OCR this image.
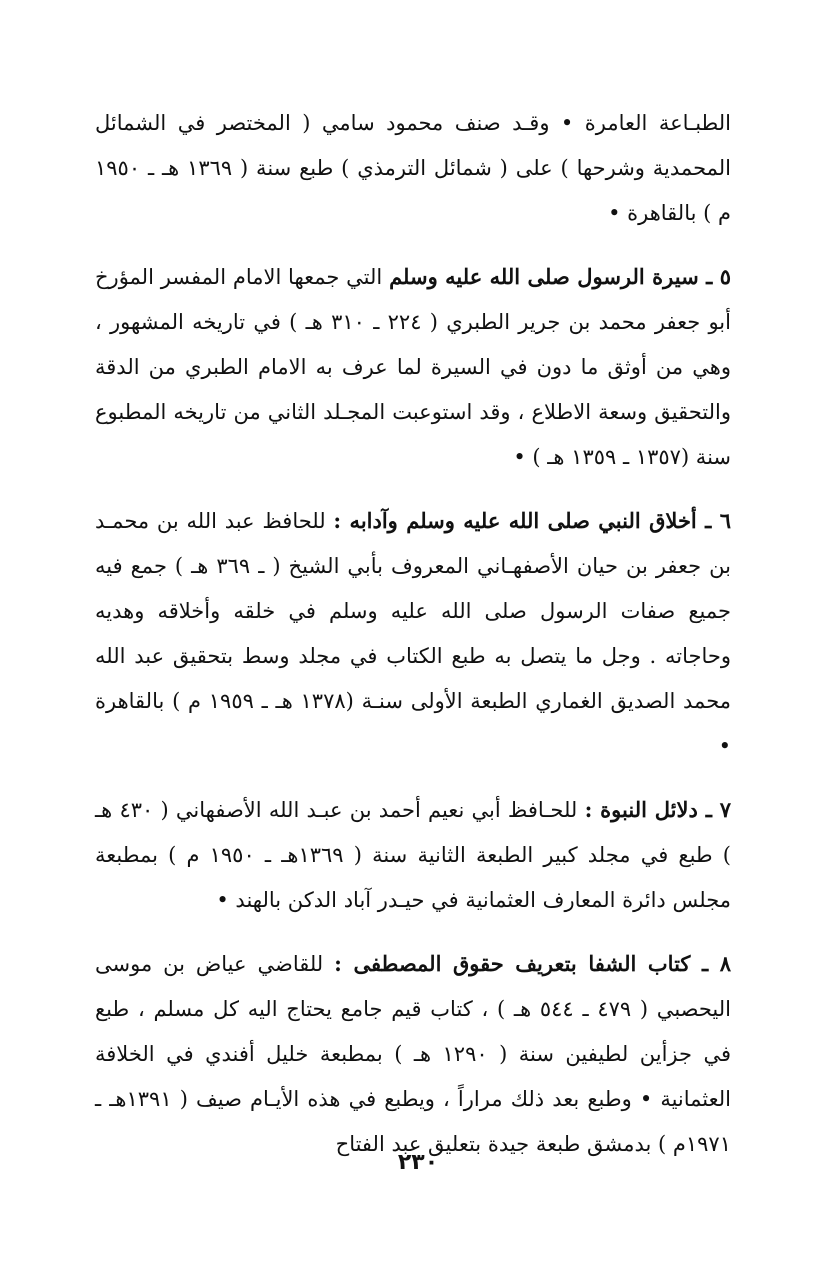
الطبـاعة العامرة • وقـد صنف محمود سامي ( المختصر في الشمائل المحمدية وشرحها ) على ( شمائل الترمذي ) طبع سنة ( ١٣٦٩ هـ ـ ١٩٥٠ م ) بالقاهرة •

٥ ـ سيرة الرسول صلى الله عليه وسلم التي جمعها الامام المفسر المؤرخ أبو جعفر محمد بن جرير الطبري ( ٢٢٤ ـ ٣١٠ هـ ) في تاريخه المشهور ، وهي من أوثق ما دون في السيرة لما عرف به الامام الطبري من الدقة والتحقيق وسعة الاطلاع ، وقد استوعبت المجـلد الثاني من تاريخه المطبوع سنة (١٣٥٧ ـ ١٣٥٩ هـ ) •

٦ ـ أخلاق النبي صلى الله عليه وسلم وآدابه : للحافظ عبد الله بن محمـد بن جعفر بن حيان الأصفهـاني المعروف بأبي الشيخ ( ـ ٣٦٩ هـ ) جمع فيه جميع صفات الرسول صلى الله عليه وسلم في خلقه وأخلاقه وهديه وحاجاته . وجل ما يتصل به طبع الكتاب في مجلد وسط بتحقيق عبد الله محمد الصديق الغماري الطبعة الأولى سنـة (١٣٧٨ هـ ـ ١٩٥٩ م ) بالقاهرة •

٧ ـ دلائل النبوة : للحـافظ أبي نعيم أحمد بن عبـد الله الأصفهاني ( ٤٣٠ هـ ) طبع في مجلد كبير الطبعة الثانية سنة ( ١٣٦٩هـ ـ ١٩٥٠ م ) بمطبعة مجلس دائرة المعارف العثمانية في حيـدر آباد الدكن بالهند •

٨ ـ كتاب الشفا بتعريف حقوق المصطفى : للقاضي عياض بن موسى اليحصبي ( ٤٧٩ ـ ٥٤٤ هـ ) ، كتاب قيم جامع يحتاج اليه كل مسلم ، طبع في جزأين لطيفين سنة ( ١٢٩٠ هـ ) بمطبعة خليل أفندي في الخلافة العثمانية • وطبع بعد ذلك مراراً ، ويطبع في هذه الأيـام صيف ( ١٣٩١هـ ـ ١٩٧١م ) بدمشق طبعة جيدة بتعليق عبد الفتاح

٢٣٠
